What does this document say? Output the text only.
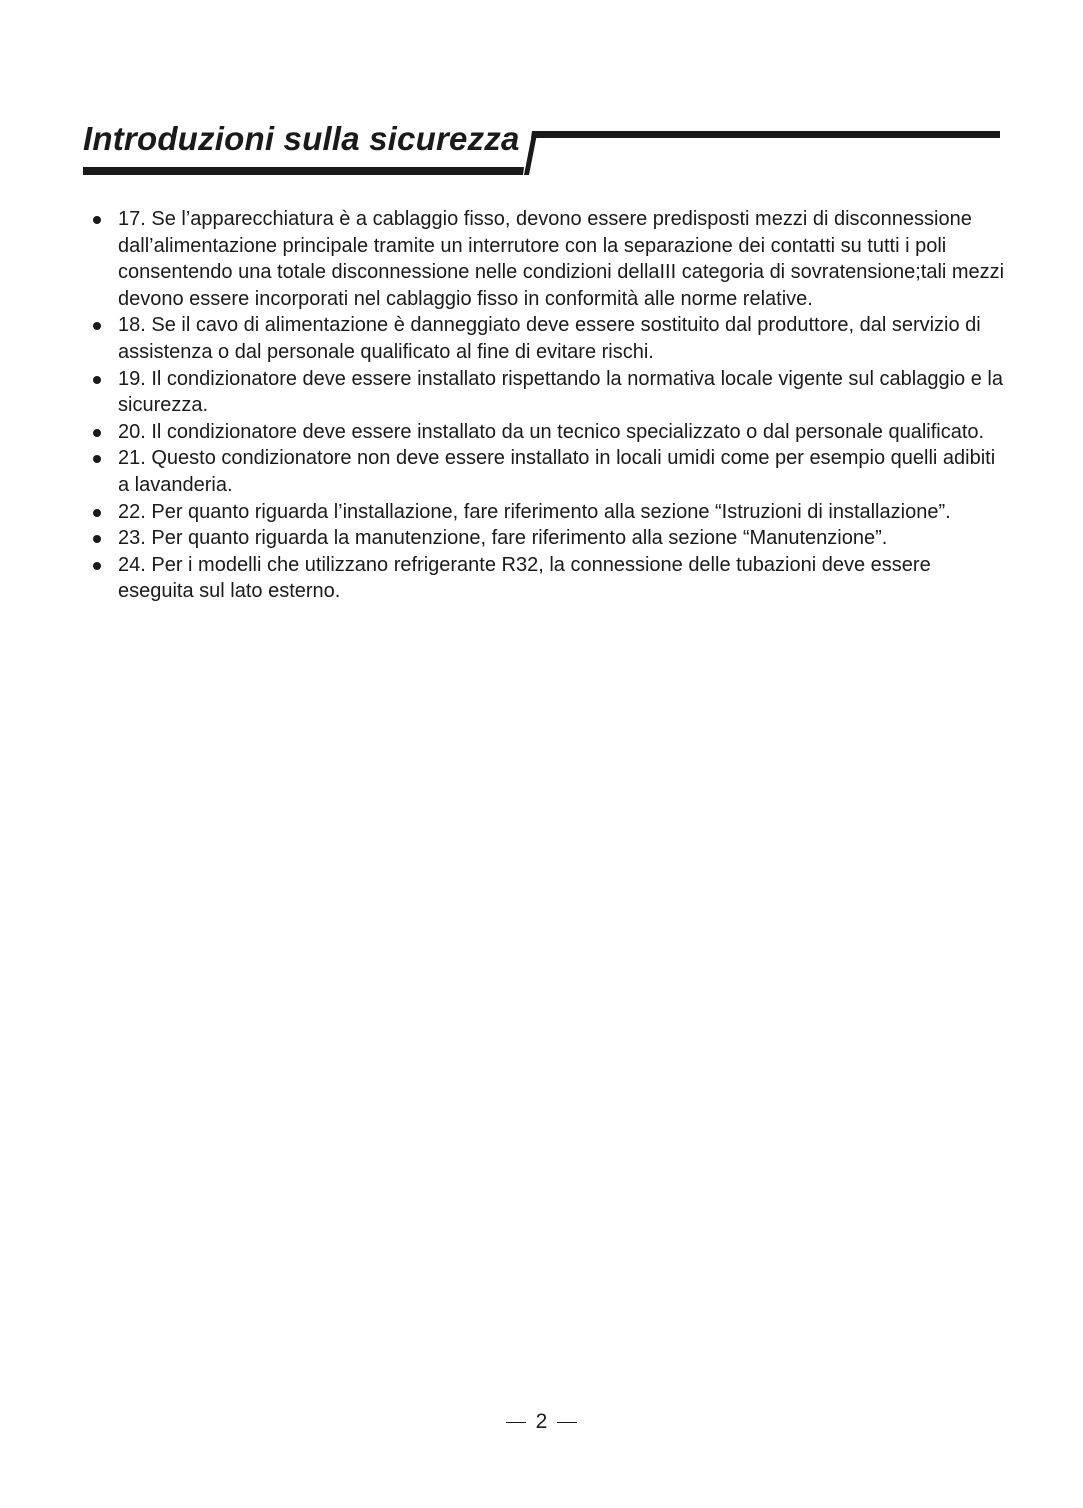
Introduzioni sulla sicurezza
17. Se l’apparecchiatura è a cablaggio fisso, devono essere predisposti mezzi di disconnessione dall’alimentazione principale tramite un interrutore con la separazione dei contatti su tutti i poli consentendo una totale disconnessione nelle condizioni dellaIII categoria di sovratensione;tali mezzi devono essere incorporati nel cablaggio fisso in conformità alle norme relative.
18. Se il cavo di alimentazione è danneggiato deve essere sostituito dal produttore, dal servizio di assistenza o dal personale qualificato al fine di evitare rischi.
19. Il condizionatore deve essere installato rispettando la normativa locale vigente sul cablaggio e la sicurezza.
20. Il condizionatore deve essere installato da un tecnico specializzato o dal personale qualificato.
21. Questo condizionatore non deve essere installato in locali umidi come per esempio quelli adibiti a lavanderia.
22. Per quanto riguarda l’installazione, fare riferimento alla sezione “Istruzioni di installazione”.
23. Per quanto riguarda la manutenzione, fare riferimento alla sezione “Manutenzione”.
24. Per i modelli che utilizzano refrigerante R32, la connessione delle tubazioni deve essere eseguita sul lato esterno.
2
